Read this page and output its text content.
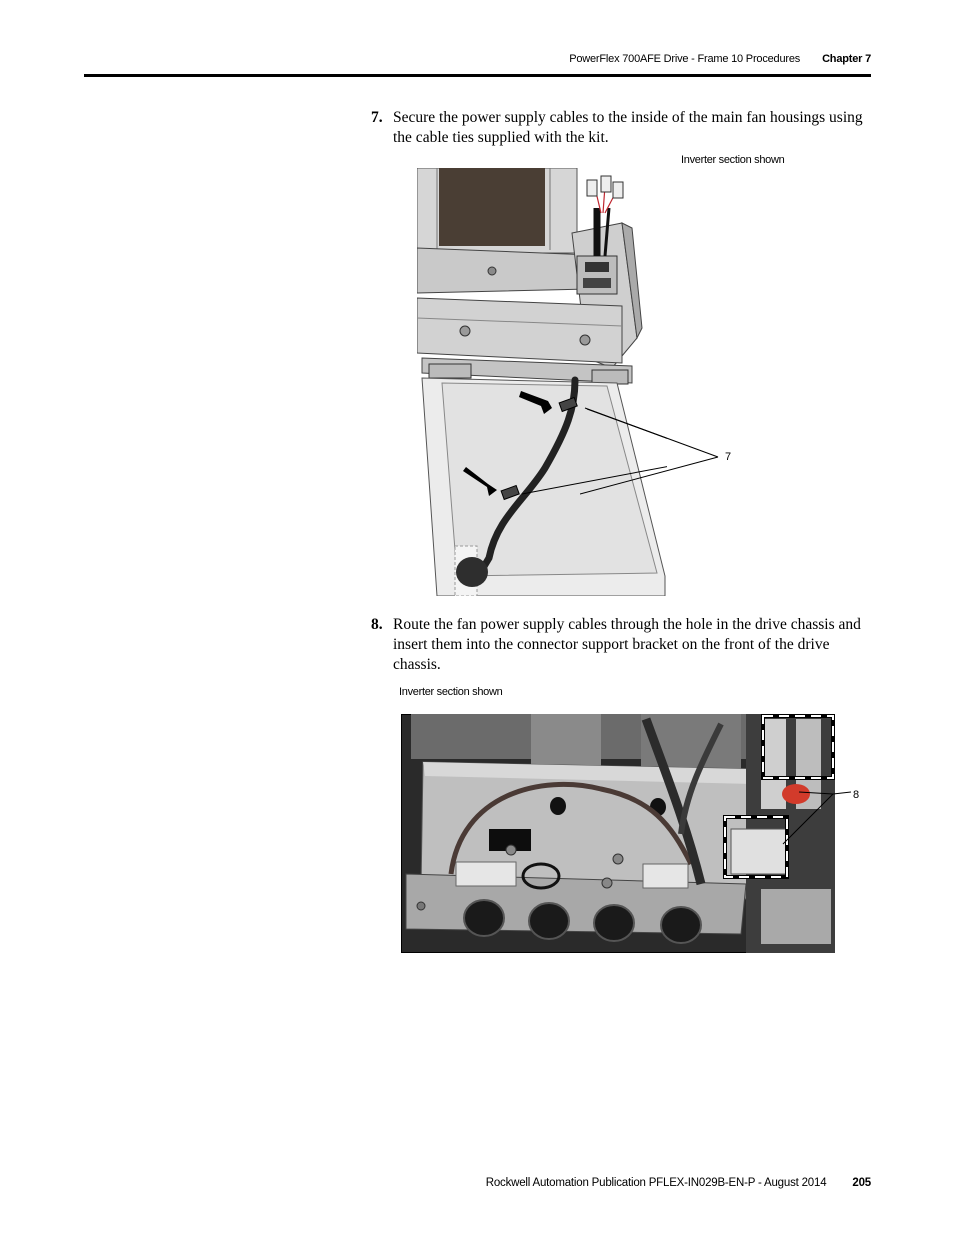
PowerFlex 700AFE Drive - Frame 10 Procedures Chapter 7
7. Secure the power supply cables to the inside of the main fan housings using the cable ties supplied with the kit.
Inverter section shown
7
8. Route the fan power supply cables through the hole in the drive chassis and insert them into the connector support bracket on the front of the drive chassis.
Inverter section shown
8
Rockwell Automation Publication PFLEX-IN029B-EN-P - August 2014 205
